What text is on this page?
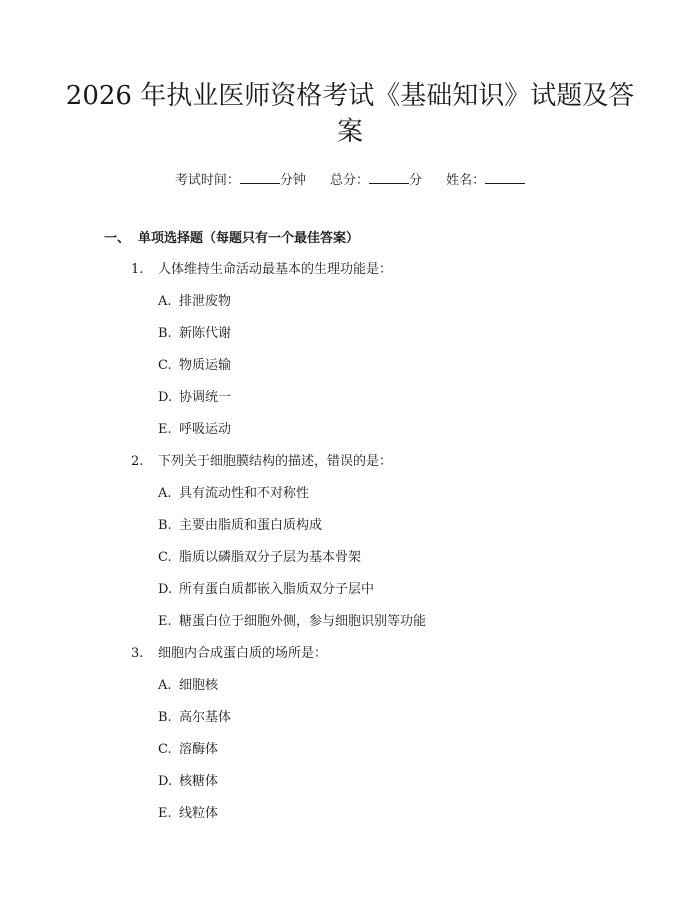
2026 年执业医师资格考试《基础知识》试题及答案
考试时间：	分钟 总分：	分 姓名：
一、 单项选择题（每题只有一个最佳答案）
1. 人体维持生命活动最基本的生理功能是：
A. 排泄废物
B. 新陈代谢
C. 物质运输
D. 协调统一
E. 呼吸运动
2. 下列关于细胞膜结构的描述，错误的是：
A. 具有流动性和不对称性
B. 主要由脂质和蛋白质构成
C. 脂质以磷脂双分子层为基本骨架
D. 所有蛋白质都嵌入脂质双分子层中
E. 糖蛋白位于细胞外侧，参与细胞识别等功能
3. 细胞内合成蛋白质的场所是：
A. 细胞核
B. 高尔基体
C. 溶酶体
D. 核糖体
E. 线粒体
